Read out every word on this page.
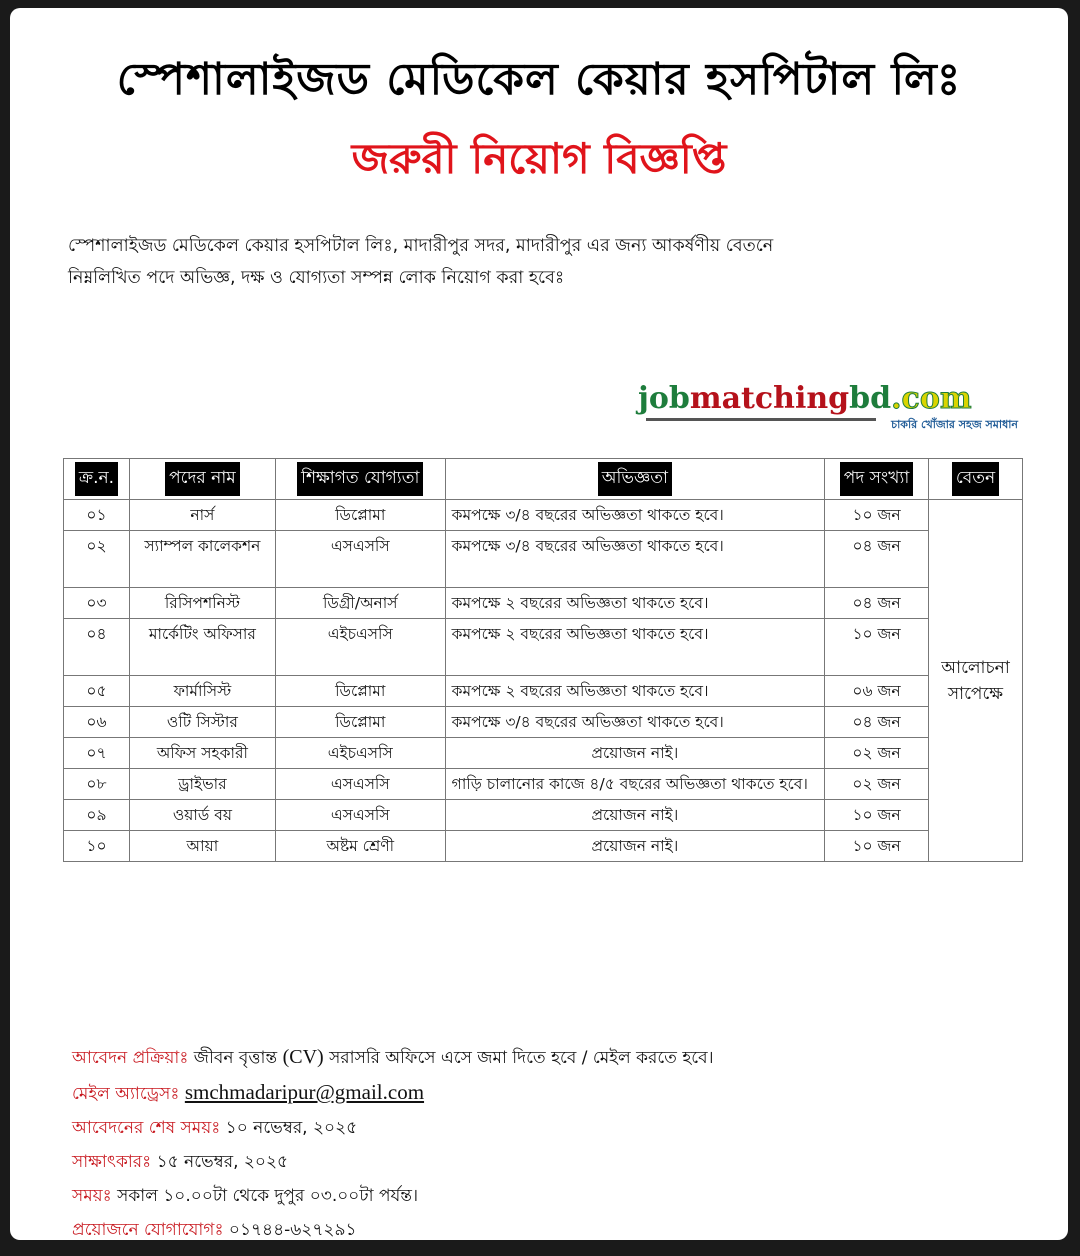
স্পেশালাইজড মেডিকেল কেয়ার হসপিটাল লিঃ
জরুরী নিয়োগ বিজ্ঞপ্তি
স্পেশালাইজড মেডিকেল কেয়ার হসপিটাল লিঃ, মাদারীপুর সদর, মাদারীপুর এর জন্য আকর্ষণীয় বেতনে
নিম্নলিখিত পদে অভিজ্ঞ, দক্ষ ও যোগ্যতা সম্পন্ন লোক নিয়োগ করা হবেঃ
jobmatchingbd.com
চাকরি খোঁজার সহজ সমাধান
ক্র.ন.	পদের নাম	শিক্ষাগত যোগ্যতা	অভিজ্ঞতা	পদ সংখ্যা	বেতন
০১	নার্স	ডিপ্লোমা	কমপক্ষে ৩/৪ বছরের অভিজ্ঞতা থাকতে হবে।	১০ জন	আলোচনা সাপেক্ষে
০২	স্যাম্পল কালেকশন	এসএসসি	কমপক্ষে ৩/৪ বছরের অভিজ্ঞতা থাকতে হবে।	০৪ জন	
০৩	রিসিপশনিস্ট	ডিগ্রী/অনার্স	কমপক্ষে ২ বছরের অভিজ্ঞতা থাকতে হবে।	০৪ জন	
০৪	মার্কেটিং অফিসার	এইচএসসি	কমপক্ষে ২ বছরের অভিজ্ঞতা থাকতে হবে।	১০ জন	
০৫	ফার্মাসিস্ট	ডিপ্লোমা	কমপক্ষে ২ বছরের অভিজ্ঞতা থাকতে হবে।	০৬ জন	
০৬	ওটি সিস্টার	ডিপ্লোমা	কমপক্ষে ৩/৪ বছরের অভিজ্ঞতা থাকতে হবে।	০৪ জন	
০৭	অফিস সহকারী	এইচএসসি	প্রয়োজন নাই।	০২ জন	
০৮	ড্রাইভার	এসএসসি	গাড়ি চালানোর কাজে ৪/৫ বছরের অভিজ্ঞতা থাকতে হবে।	০২ জন	
০৯	ওয়ার্ড বয়	এসএসসি	প্রয়োজন নাই।	১০ জন	
১০	আয়া	অষ্টম শ্রেণী	প্রয়োজন নাই।	১০ জন	
আবেদন প্রক্রিয়াঃ জীবন বৃত্তান্ত (CV) সরাসরি অফিসে এসে জমা দিতে হবে / মেইল করতে হবে।
মেইল অ্যাড্রেসঃ smchmadaripur@gmail.com
আবেদনের শেষ সময়ঃ ১০ নভেম্বর, ২০২৫
সাক্ষাৎকারঃ ১৫ নভেম্বর, ২০২৫
সময়ঃ সকাল ১০.০০টা থেকে দুপুর ০৩.০০টা পর্যন্ত।
প্রয়োজনে যোগাযোগঃ ০১৭৪৪-৬২৭২৯১
